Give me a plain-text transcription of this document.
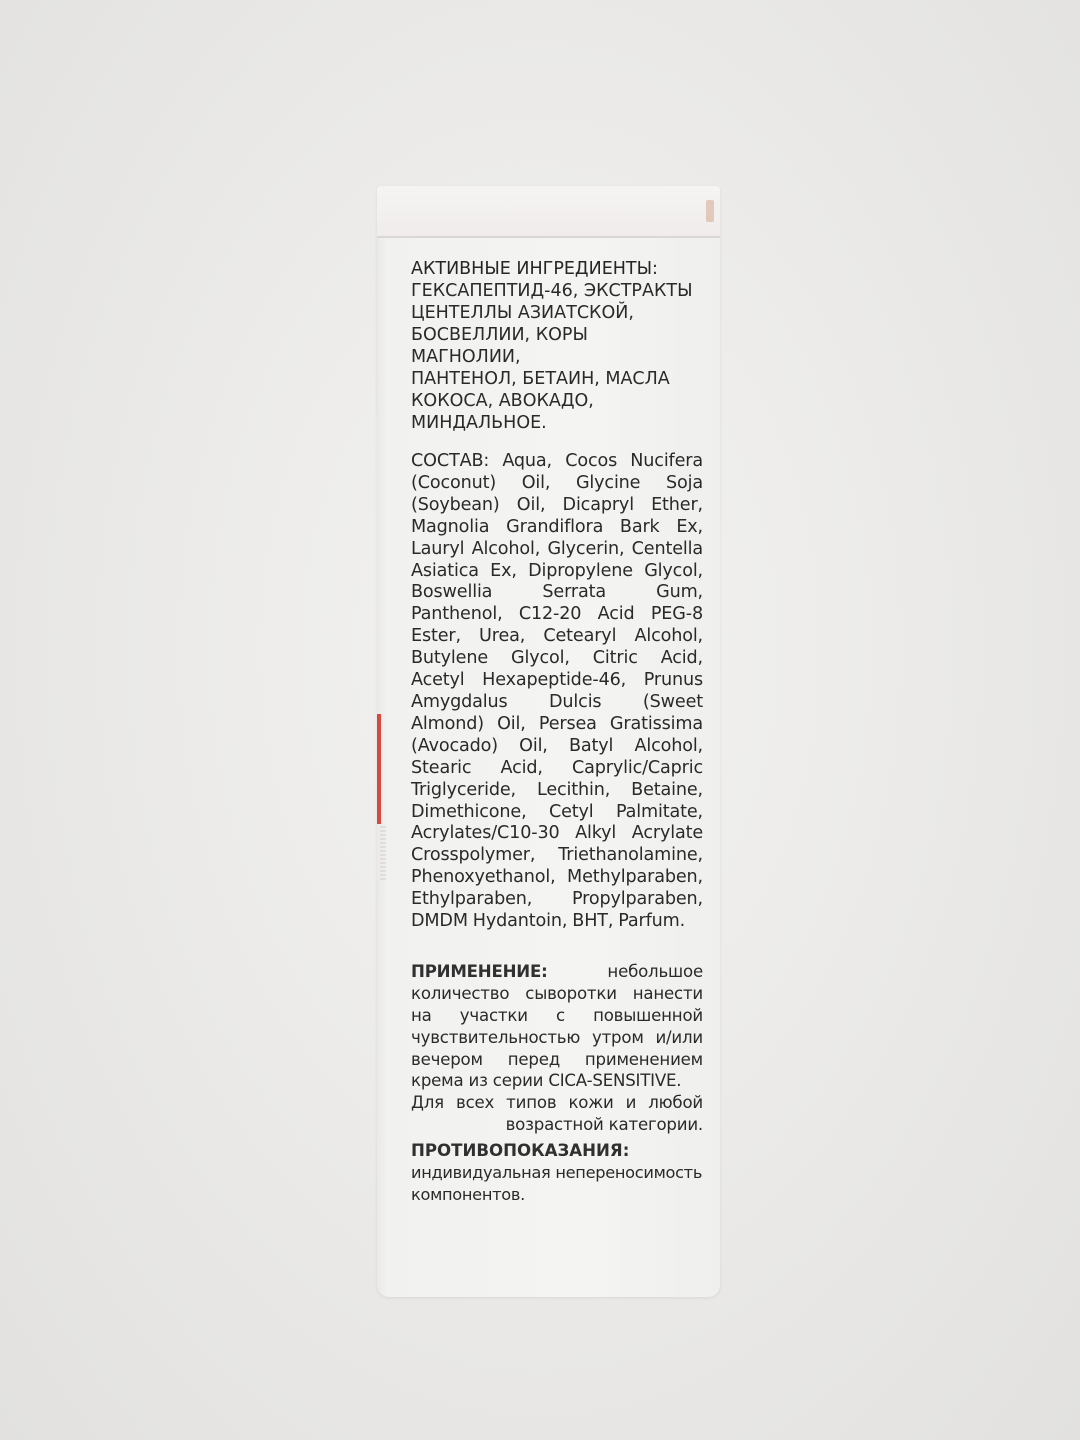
АКТИВНЫЕ ИНГРЕДИЕНТЫ:

ГЕКСАПЕПТИД-46, ЭКСТРАКТЫ

ЦЕНТЕЛЛЫ АЗИАТСКОЙ,

БОСВЕЛЛИИ, КОРЫ МАГНОЛИИ,

ПАНТЕНОЛ, БЕТАИН, МАСЛА

КОКОСА, АВОКАДО,

МИНДАЛЬНОЕ.

СОСТАВ: Aqua, Cocos Nucifera (Coconut) Oil, Glycine Soja (Soybean) Oil, Dicapryl Ether, Magnolia Grandiflora Bark Ex, Lauryl Alcohol, Glycerin, Centella Asiatica Ex, Dipropylene Glycol, Boswellia Serrata Gum, Panthenol, C12-20 Acid PEG-8 Ester, Urea, Cetearyl Alcohol, Butylene Glycol, Citric Acid, Acetyl Hexapeptide-46, Prunus Amygdalus Dulcis (Sweet Almond) Oil, Persea Gratissima (Avocado) Oil, Batyl Alcohol, Stearic Acid, Caprylic/Capric Triglyceride, Lecithin, Betaine, Dimethicone, Cetyl Palmitate, Acrylates/C10-30 Alkyl Acrylate Crosspolymer, Triethanolamine, Phenoxyethanol, Methylparaben, Ethylparaben, Propylparaben, DMDM Hydantoin, BHT, Parfum.

ПРИМЕНЕНИЕ: небольшое количество сыворотки нанести на участки с повышенной чувствительностью утром и/или вечером перед применением крема из серии CICA-SENSITIVE.

Для всех типов кожи и любой возрастной категории.

ПРОТИВОПОКАЗАНИЯ:

индивидуальная непереносимость компонентов.
